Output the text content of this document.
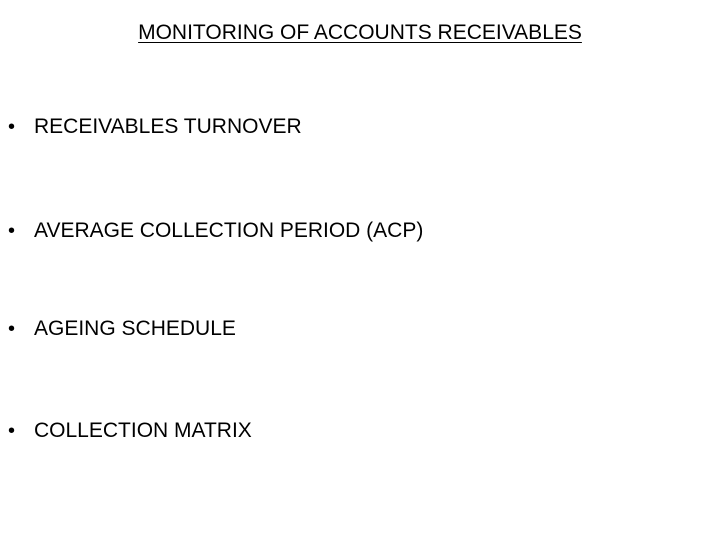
MONITORING OF ACCOUNTS RECEIVABLES
• RECEIVABLES TURNOVER
• AVERAGE COLLECTION PERIOD (ACP)
• AGEING SCHEDULE
• COLLECTION MATRIX
